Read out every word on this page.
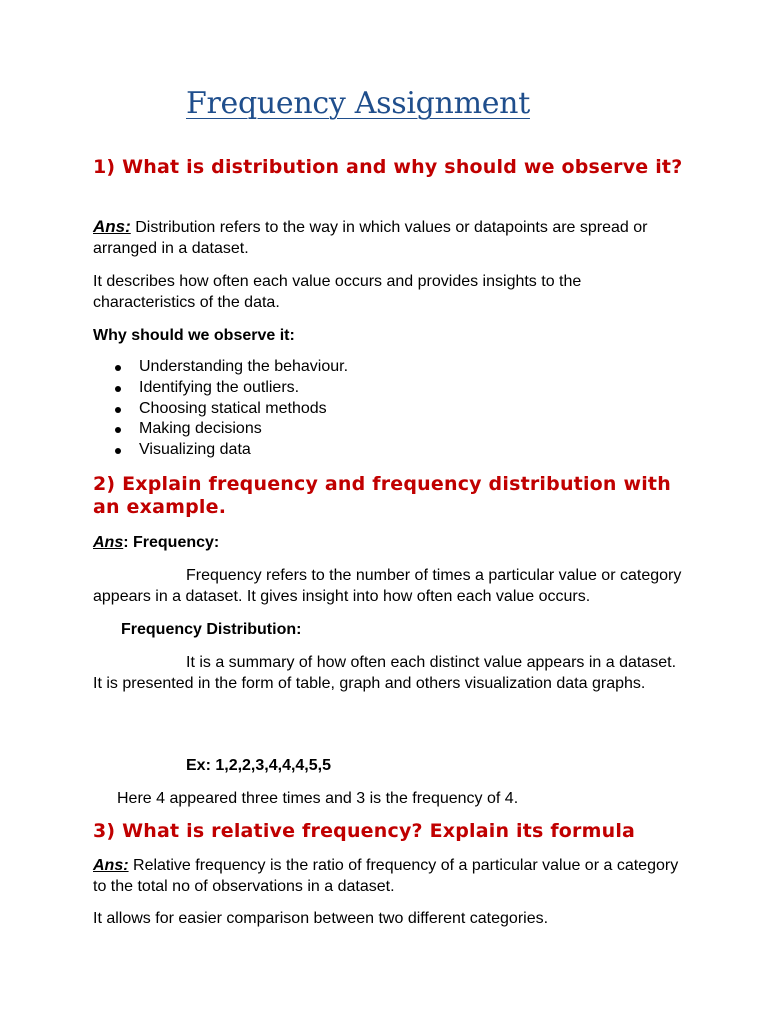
Frequency Assignment
1) What is distribution and why should we observe it?
Ans: Distribution refers to the way in which values or datapoints are spread or arranged in a dataset.
It describes how often each value occurs and provides insights to the characteristics of the data.
Why should we observe it:
Understanding the behaviour.
Identifying the outliers.
Choosing statical methods
Making decisions
Visualizing data
2) Explain frequency and frequency distribution with an example.
Ans: Frequency:
Frequency refers to the number of times a particular value or category appears in a dataset. It gives insight into how often each value occurs.
Frequency Distribution:
It is a summary of how often each distinct value appears in a dataset. It is presented in the form of table, graph and others visualization data graphs.
Ex: 1,2,2,3,4,4,4,5,5
Here 4 appeared three times and 3 is the frequency of 4.
3) What is relative frequency? Explain its formula
Ans: Relative frequency is the ratio of frequency of a particular value or a category to the total no of observations in a dataset.
It allows for easier comparison between two different categories.
